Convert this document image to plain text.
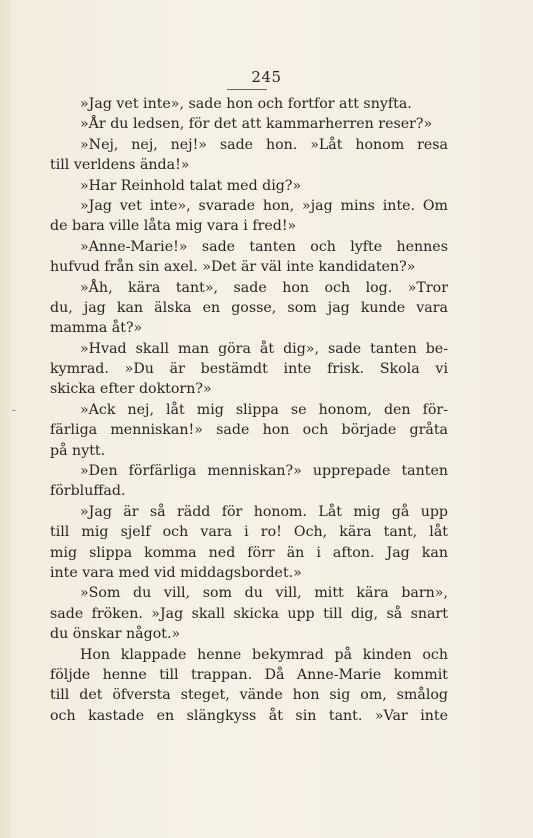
245
-
»Jag vet inte», sade hon och fortfor att snyfta.
»År du ledsen, för det att kammarherren reser?»
»Nej, nej, nej!» sade hon. »Låt honom resa
till verldens ända!»
»Har Reinhold talat med dig?»
»Jag vet inte», svarade hon, »jag mins inte. Om
de bara ville låta mig vara i fred!»
»Anne-Marie!» sade tanten och lyfte hennes
hufvud från sin axel. »Det är väl inte kandidaten?»
»Åh, kära tant», sade hon och log. »Tror
du, jag kan älska en gosse, som jag kunde vara
mamma åt?»
»Hvad skall man göra åt dig», sade tanten be-
kymrad. »Du är bestämdt inte frisk. Skola vi
skicka efter doktorn?»
»Ack nej, låt mig slippa se honom, den för-
färliga menniskan!» sade hon och började gråta
på nytt.
»Den förfärliga menniskan?» upprepade tanten
förbluffad.
»Jag är så rädd för honom. Låt mig gå upp
till mig sjelf och vara i ro! Och, kära tant, låt
mig slippa komma ned förr än i afton. Jag kan
inte vara med vid middagsbordet.»
»Som du vill, som du vill, mitt kära barn»,
sade fröken. »Jag skall skicka upp till dig, så snart
du önskar något.»
Hon klappade henne bekymrad på kinden och
följde henne till trappan. Då Anne-Marie kommit
till det öfversta steget, vände hon sig om, smålog
och kastade en slängkyss åt sin tant. »Var inte
